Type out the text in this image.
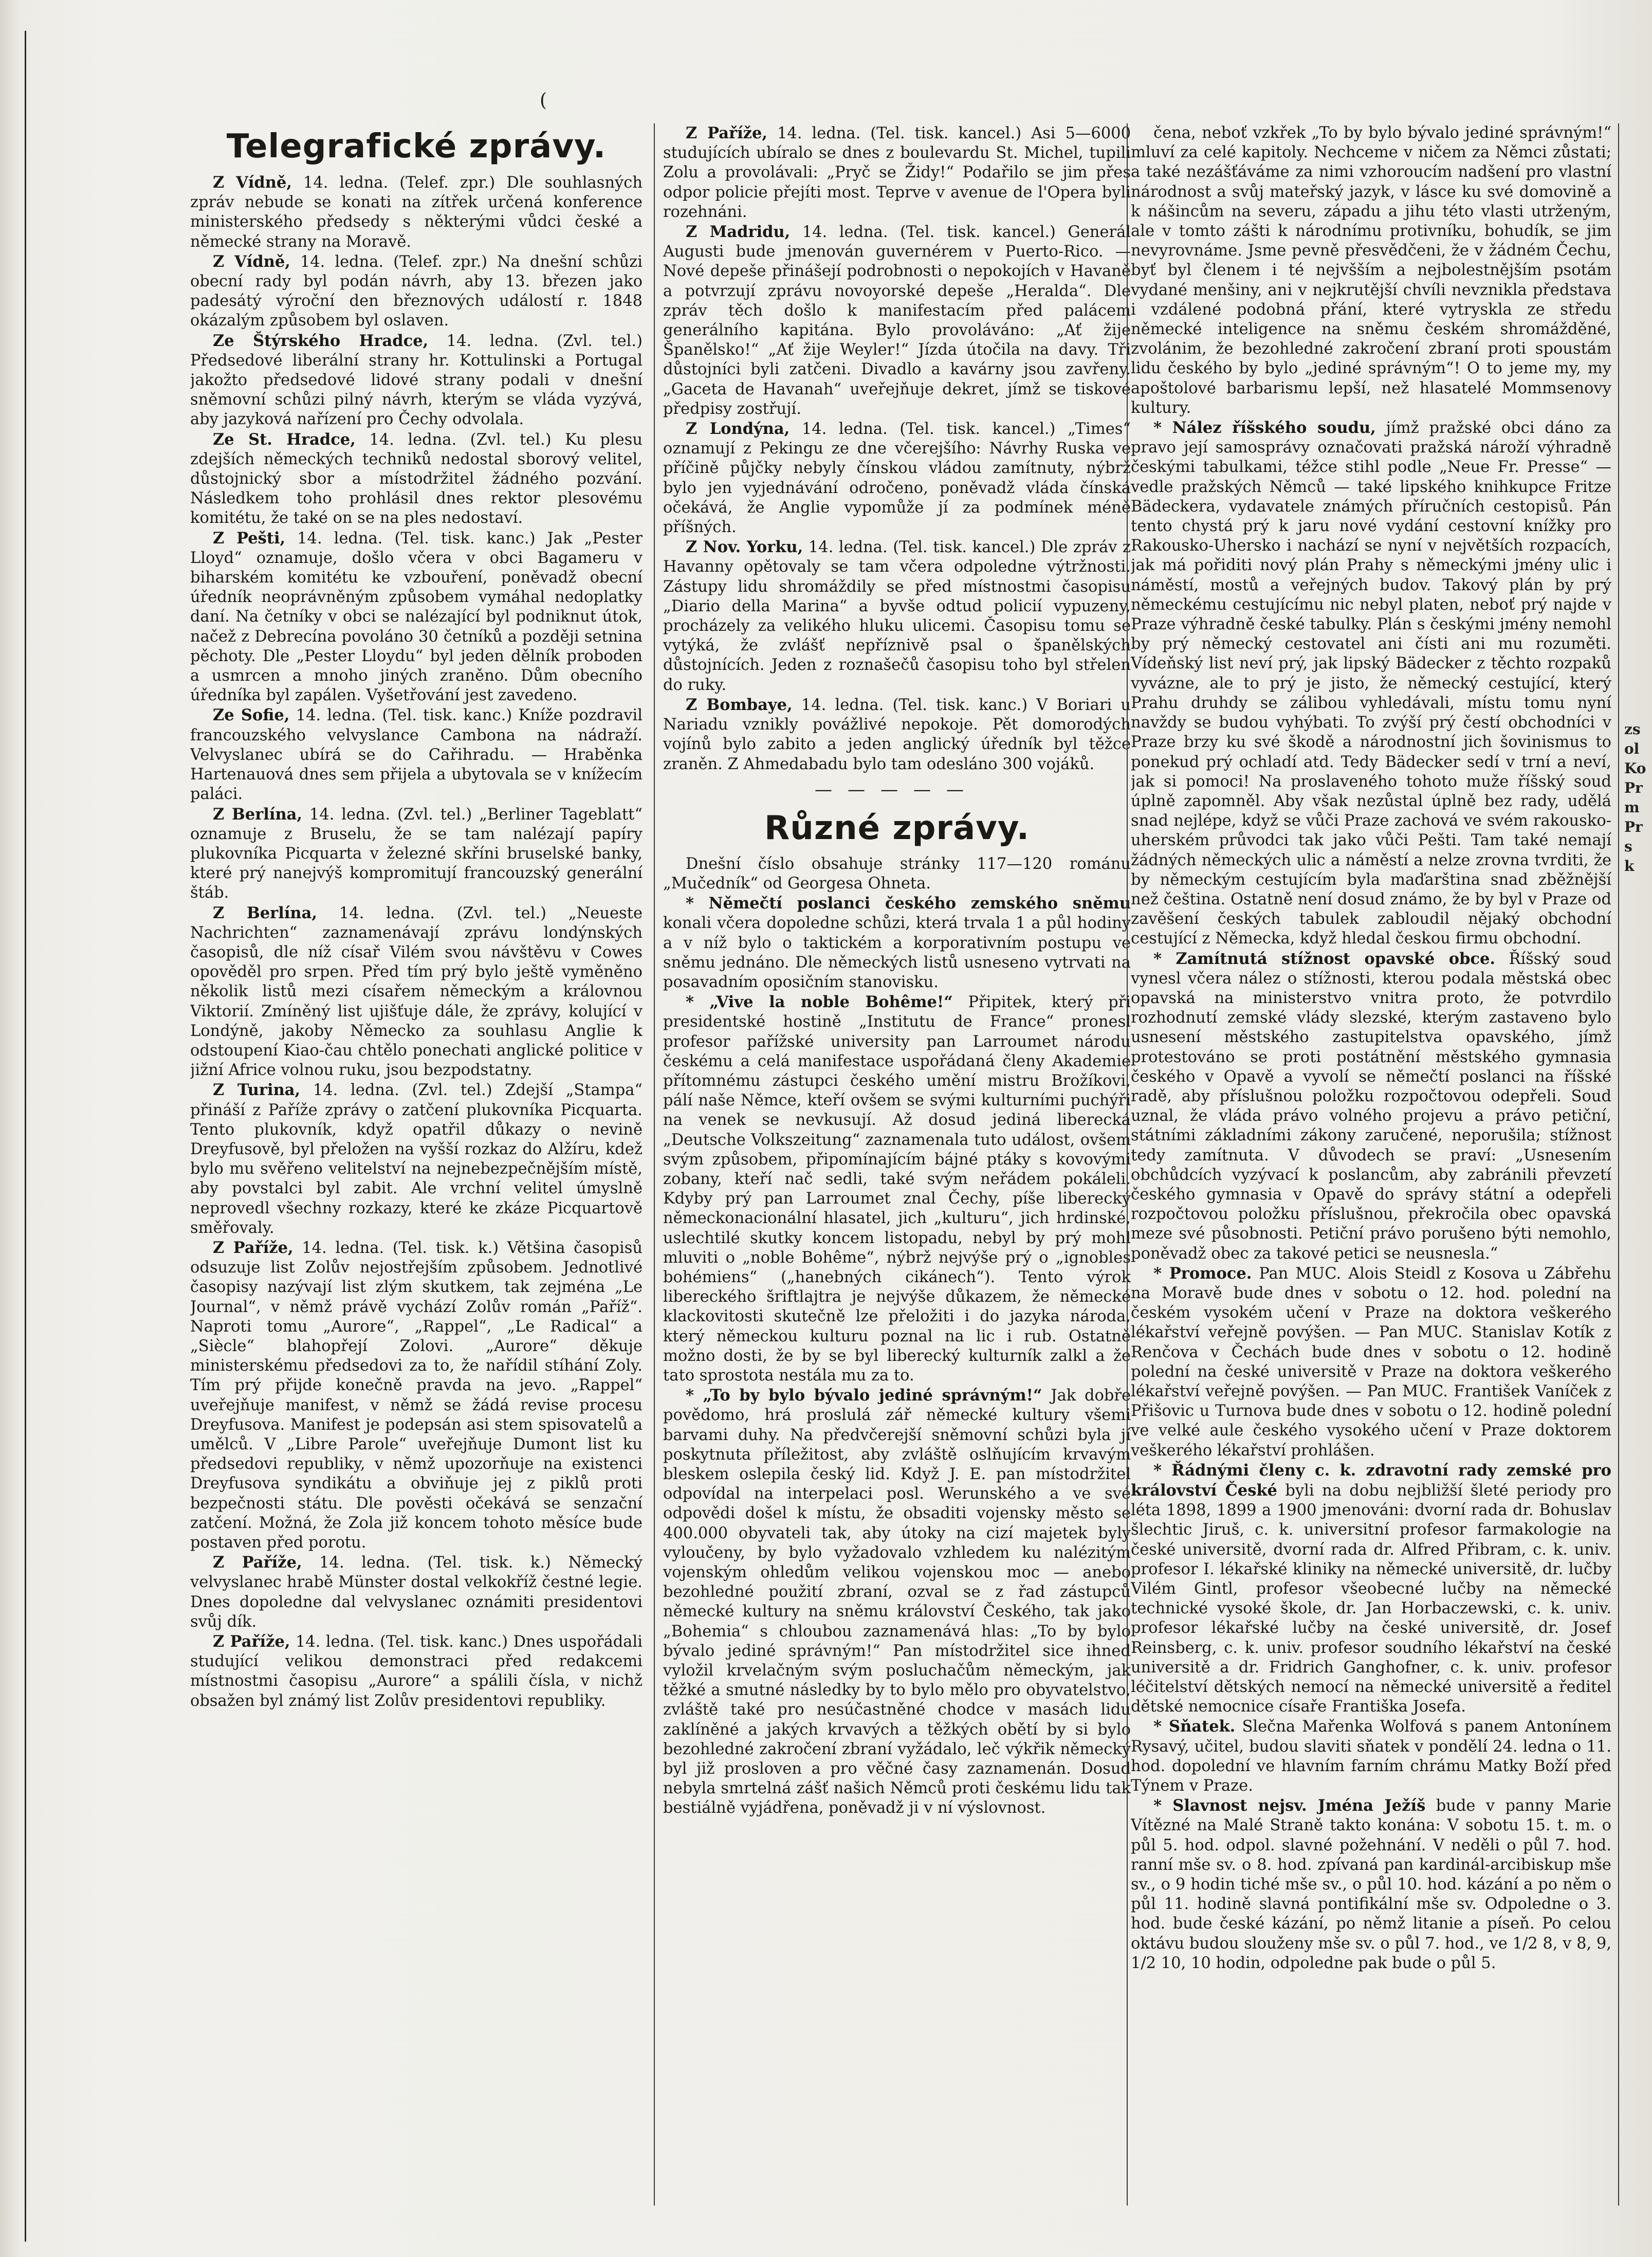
(
Telegrafické zprávy.

Z Vídně, 14. ledna. (Telef. zpr.) Dle souhlasných zpráv nebude se konati na zítřek určená konference ministerského předsedy s některými vůdci české a německé strany na Moravě.

Z Vídně, 14. ledna. (Telef. zpr.) Na dnešní schůzi obecní rady byl podán návrh, aby 13. březen jako padesátý výroční den březnových událostí r. 1848 okázalým způsobem byl oslaven.

Ze Štýrského Hradce, 14. ledna. (Zvl. tel.) Předsedové liberální strany hr. Kottulinski a Portugal jakožto předsedové lidové strany podali v dnešní sněmovní schůzi pilný návrh, kterým se vláda vyzývá, aby jazyková nařízení pro Čechy odvolala.

Ze St. Hradce, 14. ledna. (Zvl. tel.) Ku plesu zdejších německých techniků nedostal sborový velitel, důstojnický sbor a místodržitel žádného pozvání. Následkem toho prohlásil dnes rektor plesovému komitétu, že také on se na ples nedostaví.

Z Pešti, 14. ledna. (Tel. tisk. kanc.) Jak „Pester Lloyd“ oznamuje, došlo včera v obci Bagameru v biharském komitétu ke vzbouření, poněvadž obecní úředník neoprávněným způsobem vymáhal nedoplatky daní. Na četníky v obci se nalézající byl podniknut útok, načež z Debrecína povoláno 30 četníků a později setnina pěchoty. Dle „Pester Lloydu“ byl jeden dělník proboden a usmrcen a mnoho jiných zraněno. Dům obecního úředníka byl zapálen. Vyšetřování jest zavedeno.

Ze Sofie, 14. ledna. (Tel. tisk. kanc.) Kníže pozdravil francouzského velvyslance Cambona na nádraží. Velvyslanec ubírá se do Cařihradu. — Hraběnka Hartenauová dnes sem přijela a ubytovala se v knížecím paláci.

Z Berlína, 14. ledna. (Zvl. tel.) „Berliner Tageblatt“ oznamuje z Bruselu, že se tam nalézají papíry plukovníka Picquarta v železné skříni bruselské banky, které prý nanejvýš kompromitují francouzský generální štáb.

Z Berlína, 14. ledna. (Zvl. tel.) „Neueste Nachrichten“ zaznamenávají zprávu londýnských časopisů, dle níž císař Vilém svou návštěvu v Cowes opověděl pro srpen. Před tím prý bylo ještě vyměněno několik listů mezi císařem německým a královnou Viktorií. Zmíněný list ujišťuje dále, že zprávy, kolující v Londýně, jakoby Německo za souhlasu Anglie k odstoupení Kiao-čau chtělo ponechati anglické politice v jižní Africe volnou ruku, jsou bezpodstatny.

Z Turina, 14. ledna. (Zvl. tel.) Zdejší „Stampa“ přináší z Paříže zprávy o zatčení plukovníka Picquarta. Tento plukovník, když opatřil důkazy o nevině Dreyfusově, byl přeložen na vyšší rozkaz do Alžíru, kdež bylo mu svěřeno velitelství na nejnebezpečnějším místě, aby povstalci byl zabit. Ale vrchní velitel úmyslně neprovedl všechny rozkazy, které ke zkáze Picquartově směřovaly.

Z Paříže, 14. ledna. (Tel. tisk. k.) Většina časopisů odsuzuje list Zolův nejostřejším způsobem. Jednotlivé časopisy nazývají list zlým skutkem, tak zejména „Le Journal“, v němž právě vychází Zolův román „Paříž“. Naproti tomu „Aurore“, „Rappel“, „Le Radical“ a „Siècle“ blahopřejí Zolovi. „Aurore“ děkuje ministerskému předsedovi za to, že nařídil stíhání Zoly. Tím prý přijde konečně pravda na jevo. „Rappel“ uveřejňuje manifest, v němž se žádá revise procesu Dreyfusova. Manifest je podepsán asi stem spisovatelů a umělců. V „Libre Parole“ uveřejňuje Dumont list ku předsedovi republiky, v němž upozorňuje na existenci Dreyfusova syndikátu a obviňuje jej z piklů proti bezpečnosti státu. Dle pověsti očekává se senzační zatčení. Možná, že Zola již koncem tohoto měsíce bude postaven před porotu.

Z Paříže, 14. ledna. (Tel. tisk. k.) Německý velvyslanec hrabě Münster dostal velkokříž čestné legie. Dnes dopoledne dal velvyslanec oznámiti presidentovi svůj dík.

Z Paříže, 14. ledna. (Tel. tisk. kanc.) Dnes uspořádali studující velikou demonstraci před redakcemi místnostmi časopisu „Aurore“ a spálili čísla, v nichž obsažen byl známý list Zolův presidentovi republiky.

Z Paříže, 14. ledna. (Tel. tisk. kancel.) Asi 5—6000 studujících ubíralo se dnes z boulevardu St. Michel, tupili Zolu a provolávali: „Pryč se Židy!“ Podařilo se jim přes odpor policie přejíti most. Teprve v avenue de l'Opera byli rozehnáni.

Z Madridu, 14. ledna. (Tel. tisk. kancel.) Generál Augusti bude jmenován guvernérem v Puerto-Rico. — Nové depeše přinášejí podrobnosti o nepokojích v Havaně a potvrzují zprávu novoyorské depeše „Heralda“. Dle zpráv těch došlo k manifestacím před palácem generálního kapitána. Bylo provoláváno: „Ať žije Španělsko!“ „Ať žije Weyler!“ Jízda útočila na davy. Tři důstojníci byli zatčeni. Divadlo a kavárny jsou zavřeny. „Gaceta de Havanah“ uveřejňuje dekret, jímž se tiskové předpisy zostřují.

Z Londýna, 14. ledna. (Tel. tisk. kancel.) „Times“ oznamují z Pekingu ze dne včerejšího: Návrhy Ruska ve příčině půjčky nebyly čínskou vládou zamítnuty, nýbrž bylo jen vyjednávání odročeno, poněvadž vláda čínská očekává, že Anglie vypomůže jí za podmínek méně příšných.

Z Nov. Yorku, 14. ledna. (Tel. tisk. kancel.) Dle zpráv z Havanny opětovaly se tam včera odpoledne výtržnosti. Zástupy lidu shromáždily se před místnostmi časopisu „Diario della Marina“ a byvše odtud policií vypuzeny, procházely za velikého hluku ulicemi. Časopisu tomu se vytýká, že zvlášť nepříznivě psal o španělských důstojnících. Jeden z roznašečů časopisu toho byl střelen do ruky.

Z Bombaye, 14. ledna. (Tel. tisk. kanc.) V Boriari u Nariadu vznikly povážlivé nepokoje. Pět domorodých vojínů bylo zabito a jeden anglický úředník byl těžce zraněn. Z Ahmedabadu bylo tam odesláno 300 vojáků.

—————
Různé zprávy.

Dnešní číslo obsahuje stránky 117—120 románu „Mučedník“ od Georgesa Ohneta.

* Němečtí poslanci českého zemského sněmu konali včera dopoledne schůzi, která trvala 1 a půl hodiny a v níž bylo o taktickém a korporativním postupu ve sněmu jednáno. Dle německých listů usneseno vytrvati na posavadním oposičním stanovisku.

* „Vive la noble Bohême!“ Připitek, který při presidentské hostině „Institutu de France“ pronesl profesor pařížské university pan Larroumet národu českému a celá manifestace uspořádaná členy Akademie přítomnému zástupci českého umění mistru Brožíkovi, pálí naše Němce, kteří ovšem se svými kulturními puchýři na venek se nevkusují. Až dosud jediná liberecká „Deutsche Volkszeitung“ zaznamenala tuto událost, ovšem svým způsobem, připomínajícím bájné ptáky s kovovými zobany, kteří nač sedli, také svým neřádem pokáleli. Kdyby prý pan Larroumet znal Čechy, píše liberecký německonacionální hlasatel, jich „kulturu“, jich hrdinské, uslechtilé skutky koncem listopadu, nebyl by prý mohl mluviti o „noble Bohême“, nýbrž nejvýše prý o „ignobles bohémiens“ („hanebných cikánech“). Tento výrok libereckého šriftlajtra je nejvýše důkazem, že německé klackovitosti skutečně lze přeložiti i do jazyka národa, který německou kulturu poznal na lic i rub. Ostatně možno dosti, že by se byl liberecký kulturník zalkl a že tato sprostota nestála mu za to.

* „To by bylo bývalo jediné správným!“ Jak dobře povědomo, hrá proslulá zář německé kultury všemi barvami duhy. Na předvčerejší sněmovní schůzi byla jí poskytnuta příležitost, aby zvláště oslňujícím krvavým bleskem oslepila český lid. Když J. E. pan místodržitel odpovídal na interpelaci posl. Werunského a ve své odpovědi došel k místu, že obsaditi vojensky město se 400.000 obyvateli tak, aby útoky na cizí majetek byly vyloučeny, by bylo vyžadovalo vzhledem ku nalézitým vojenským ohledům velikou vojenskou moc — anebo bezohledné použití zbraní, ozval se z řad zástupců německé kultury na sněmu království Českého, tak jako „Bohemia“ s chloubou zaznamenává hlas: „To by bylo bývalo jediné správným!“ Pan místodržitel sice ihned vyložil krvelačným svým posluchačům německým, jak těžké a smutné následky by to bylo mělo pro obyvatelstvo, zvláště také pro nesúčastněné chodce v masách lidu zaklíněné a jakých krvavých a těžkých obětí by si bylo bezohledné zakročení zbraní vyžádalo, leč výkřik německý byl již prosloven a pro věčné časy zaznamenán. Dosud nebyla smrtelná zášť našich Němců proti českému lidu tak bestiálně vyjádřena, poněvadž ji v ní výslovnost.

čena, neboť vzkřek „To by bylo bývalo jediné správným!“ mluví za celé kapitoly. Nechceme v ničem za Němci zůstati; a také nezášťáváme za nimi vzhoroucím nadšení pro vlastní národnost a svůj mateřský jazyk, v lásce ku své domovině a k nášincům na severu, západu a jihu této vlasti utrženým, ale v tomto zášti k národnímu protivníku, bohudík, se jim nevyrovnáme. Jsme pevně přesvědčeni, že v žádném Čechu, byť byl členem i té nejvšším a nejbolestnějším psotám vydané menšiny, ani v nejkrutější chvíli nevznikla představa i vzdálené podobná přání, které vytryskla ze středu německé inteligence na sněmu českém shromážděné, zvolánim, že bezohledné zakročení zbraní proti spoustám lidu českého by bylo „jediné správným“! O to jeme my, my apoštolové barbarismu lepší, než hlasatelé Mommsenovy kultury.

* Nález říšského soudu, jímž pražské obci dáno za pravo její samosprávy označovati pražská nároží výhradně českými tabulkami, téžce stihl podle „Neue Fr. Presse“ — vedle pražských Němců — také lipského knihkupce Fritze Bädeckera, vydavatele známých příručních cestopisů. Pán tento chystá prý k jaru nové vydání cestovní knížky pro Rakousko-Uhersko i nachází se nyní v největších rozpacích, jak má pořiditi nový plán Prahy s německými jmény ulic i náměstí, mostů a veřejných budov. Takový plán by prý německému cestujícímu nic nebyl platen, neboť prý najde v Praze výhradně české tabulky. Plán s českými jmény nemohl by prý německý cestovatel ani čísti ani mu rozuměti. Vídeňský list neví prý, jak lipský Bädecker z těchto rozpaků vyvázne, ale to prý je jisto, že německý cestující, který Prahu druhdy se zálibou vyhledávali, místu tomu nyní navždy se budou vyhýbati. To zvýší prý čestí obchodníci v Praze brzy ku své škodě a národnostní jich šovinismus to ponekud prý ochladí atd. Tedy Bädecker sedí v trní a neví, jak si pomoci! Na proslaveného tohoto muže říšský soud úplně zapomněl. Aby však nezůstal úplně bez rady, udělá snad nejlépe, když se vůči Praze zachová ve svém rakousko-uherském průvodci tak jako vůči Pešti. Tam také nemají žádných německých ulic a náměstí a nelze zrovna tvrditi, že by německým cestujícím byla maďarština snad zběžnější než čeština. Ostatně není dosud známo, že by byl v Praze od zavěšení českých tabulek zabloudil nějaký obchodní cestující z Německa, když hledal českou firmu obchodní.

* Zamítnutá stížnost opavské obce. Říšský soud vynesl včera nález o stížnosti, kterou podala městská obec opavská na ministerstvo vnitra proto, že potvrdilo rozhodnutí zemské vlády slezské, kterým zastaveno bylo usnesení městského zastupitelstva opavského, jímž protestováno se proti postátnění městského gymnasia českého v Opavě a vyvolí se němečtí poslanci na říšské radě, aby příslušnou položku rozpočtovou odepřeli. Soud uznal, že vláda právo volného projevu a právo petiční, státními základními zákony zaručené, neporušila; stížnost tedy zamítnuta. V důvodech se praví: „Usnesením obchůdcích vyzývací k poslancům, aby zabránili převzetí českého gymnasia v Opavě do správy státní a odepřeli rozpočtovou položku příslušnou, překročila obec opavská meze své působnosti. Petiční právo porušeno býti nemohlo, poněvadž obec za takové petici se neusnesla.“

* Promoce. Pan MUC. Alois Steidl z Kosova u Zábřehu na Moravě bude dnes v sobotu o 12. hod. polední na českém vysokém učení v Praze na doktora veškerého lékařství veřejně povýšen. — Pan MUC. Stanislav Kotík z Renčova v Čechách bude dnes v sobotu o 12. hodině polední na české universitě v Praze na doktora veškerého lékařství veřejně povýšen. — Pan MUC. František Vaníček z Přišovic u Turnova bude dnes v sobotu o 12. hodině polední ve velké aule českého vysokého učení v Praze doktorem veškerého lékařství prohlášen.

* Řádnými členy c. k. zdravotní rady zemské pro království České byli na dobu nejbližší šleté periody pro léta 1898, 1899 a 1900 jmenováni: dvorní rada dr. Bohuslav šlechtic Jiruš, c. k. universitní profesor farmakologie na české universitě, dvorní rada dr. Alfred Přibram, c. k. univ. profesor I. lékařské kliniky na německé universitě, dr. lučby Vilém Gintl, profesor všeobecné lučby na německé technické vysoké škole, dr. Jan Horbaczewski, c. k. univ. profesor lékařské lučby na české universitě, dr. Josef Reinsberg, c. k. univ. profesor soudního lékařství na české universitě a dr. Fridrich Ganghofner, c. k. univ. profesor léčitelství dětských nemocí na německé universitě a ředitel dětské nemocnice císaře Františka Josefa.

* Sňatek. Slečna Mařenka Wolfová s panem Antonínem Rysavý, učitel, budou slaviti sňatek v pondělí 24. ledna o 11. hod. dopolední ve hlavním farním chrámu Matky Boží před Týnem v Praze.

* Slavnost nejsv. Jména Ježíš bude v panny Marie Vítězné na Malé Straně takto konána: V sobotu 15. t. m. o půl 5. hod. odpol. slavné požehnání. V neděli o půl 7. hod. ranní mše sv. o 8. hod. zpívaná pan kardinál-arcibiskup mše sv., o 9 hodin tiché mše sv., o půl 10. hod. kázání a po něm o půl 11. hodině slavná pontifikální mše sv. Odpoledne o 3. hod. bude české kázání, po němž litanie a píseň. Po celou oktávu budou slouženy mše sv. o půl 7. hod., ve 1/2 8, v 8, 9, 1/2 10, 10 hodin, odpoledne pak bude o půl 5.

zs
ol
Ko
Pr
m
Pr
s
k
